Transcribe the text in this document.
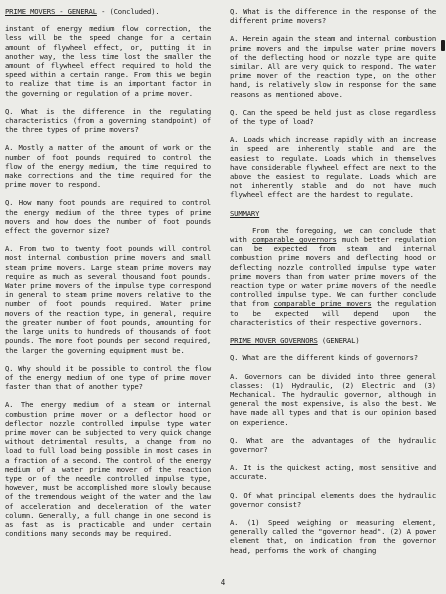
PRIME MOVERS - GENERAL - (Concluded).

instant of energy medium flow correction, the less will be the speed change for a certain amount of flywheel effect, or, putting it in another way, the less time lost the smaller the amount of flywheel effect required to hold the speed within a certain range. From this we begin to realize that time is an important factor in the governing or regulation of a prime mover.

Q. What is the difference in the regulating characteristics (from a governing standpoint) of the three types of prime movers?

A. Mostly a matter of the amount of work or the number of foot pounds required to control the flow of the energy medium, the time required to make corrections and the time required for the prime mover to respond.

Q. How many foot pounds are required to control the energy medium of the three types of prime movers and how does the number of foot pounds effect the governor size?

A. From two to twenty foot pounds will control most internal combustion prime movers and small steam prime movers. Large steam prime movers may require as much as several thousand foot pounds. Water prime movers of the impulse type correspond in general to steam prime movers relative to the number of foot pounds required. Water prime movers of the reaction type, in general, require the greater number of foot pounds, amounting for the large units to hundreds of thousands of foot pounds. The more foot pounds per second required, the larger the governing equipment must be.

Q. Why should it be possible to control the flow of the energy medium of one type of prime mover faster than that of another type?

A. The energy medium of a steam or internal combustion prime mover or a deflector hood or deflector nozzle controlled impulse type water prime mover can be subjected to very quick change without detrimental results, a change from no load to full load being possible in most cases in a fraction of a second. The control of the energy medium of a water prime mover of the reaction type or of the needle controlled impulse type, however, must be accomplished more slowly because of the tremendous weight of the water and the law of acceleration and deceleration of the water column. Generally, a full change in one second is as fast as is practicable and under certain conditions many seconds may be required.

Q. What is the difference in the response of the different prime movers?

A. Herein again the steam and internal combustion prime movers and the impulse water prime movers of the deflecting hood or nozzle type are quite similar. All are very quick to respond. The water prime mover of the reaction type, on the other hand, is relatively slow in response for the same reasons as mentioned above.

Q. Can the speed be held just as close regardless of the type of load?

A. Loads which increase rapidly with an increase in speed are inherently stable and are the easiest to regulate. Loads which in themselves have considerable flywheel effect are next to the above the easiest to regulate. Loads which are not inherently stable and do not have much flywheel effect are the hardest to regulate.

SUMMARY

From the foregoing, we can conclude that with comparable governors much better regulation can be expected from steam and internal combustion prime movers and deflecting hood or deflecting nozzle controlled impulse type water prime movers than from water prime movers of the reaction type or water prime movers of the needle controlled impulse type. We can further conclude that from comparable prime movers the regulation to be expected will depend upon the characteristics of their respective governors.

PRIME MOVER GOVERNORS (GENERAL)

Q. What are the different kinds of governors?

A. Governors can be divided into three general classes: (1) Hydraulic, (2) Electric and (3) Mechanical. The hydraulic governor, although in general the most expensive, is also the best. We have made all types and that is our opinion based on experience.

Q. What are the advantages of the hydraulic governor?

A. It is the quickest acting, most sensitive and accurate.

Q. Of what principal elements does the hydraulic governor consist?

A. (1) Speed weighing or measuring element, generally called the "governor head". (2) A power element that, on indication from the governor head, performs the work of changing

4
